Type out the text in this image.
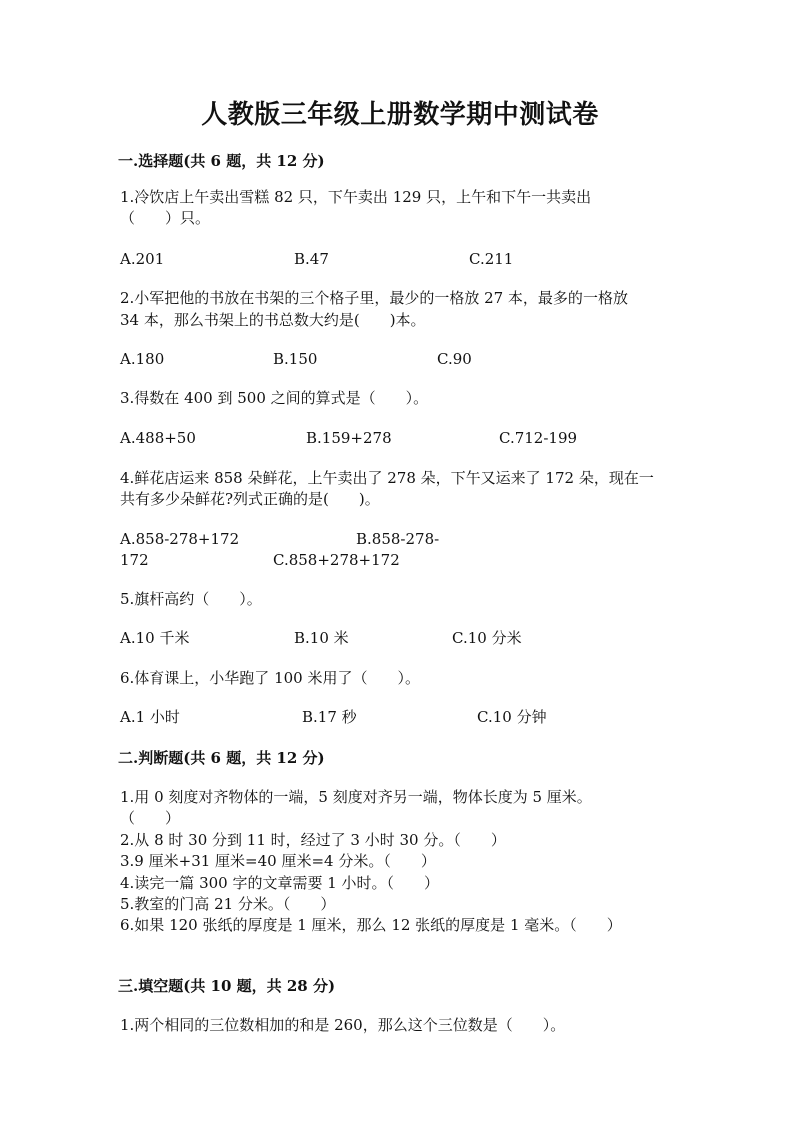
人教版三年级上册数学期中测试卷
一.选择题(共 6 题，共 12 分)
1.冷饮店上午卖出雪糕 82 只，下午卖出 129 只，上午和下午一共卖出
（　　）只。
A.201	B.47	C.211
2.小军把他的书放在书架的三个格子里，最少的一格放 27 本，最多的一格放
34 本，那么书架上的书总数大约是(　　)本。
A.180	B.150	C.90
3.得数在 400 到 500 之间的算式是（　　）。
A.488+50	B.159+278	C.712-199
4.鲜花店运来 858 朵鲜花，上午卖出了 278 朵，下午又运来了 172 朵，现在一
共有多少朵鲜花?列式正确的是(　　)。
A.858-278+172	B.858-278-
172	C.858+278+172
5.旗杆高约（　　）。
A.10 千米	B.10 米	C.10 分米
6.体育课上，小华跑了 100 米用了（　　）。
A.1 小时	B.17 秒	C.10 分钟
二.判断题(共 6 题，共 12 分)
1.用 0 刻度对齐物体的一端，5 刻度对齐另一端，物体长度为 5 厘米。
（　　）
2.从 8 时 30 分到 11 时，经过了 3 小时 30 分。（　　）
3.9 厘米+31 厘米=40 厘米=4 分米。（　　）
4.读完一篇 300 字的文章需要 1 小时。（　　）
5.教室的门高 21 分米。（　　）
6.如果 120 张纸的厚度是 1 厘米，那么 12 张纸的厚度是 1 毫米。（　　）
三.填空题(共 10 题，共 28 分)
1.两个相同的三位数相加的和是 260，那么这个三位数是（　　）。
